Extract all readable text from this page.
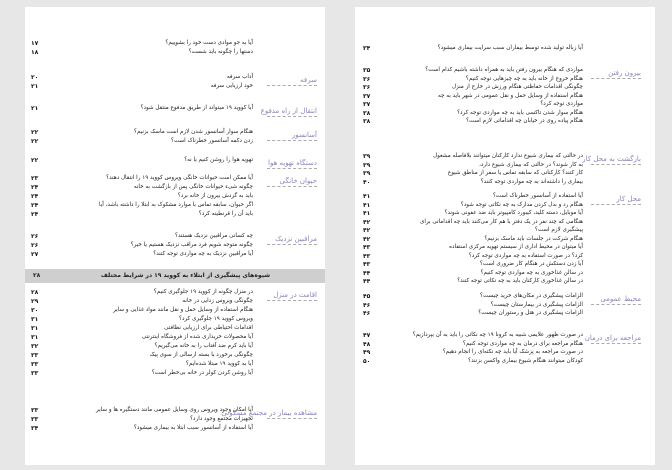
آیا به جو موادی دست خود را بشوییم؟
۱۷
دستها را چگونه باید شست؟
۱۸
سرفه
آداب سرفه
۲۰
خود ارزیابی سرفه
۲۱
انتقال از راه مدفوع
آیا کووید ۱۹ میتواند از طریق مدفوع منتقل شود؟
۲۱
آسانسور
هنگام سوار آسانسور شدن لازم است ماسک بزنیم؟
۲۲
زدن دکمه آسانسور خطرناک است؟
۲۲
دستگاه تهویه هوا
تهویه هوا را روشن کنیم یا نه؟
۲۲
حیوان خانگی
آیا ممکن است حیوانات خانگی ویروس کووید ۱۹ را انتقال دهند؟
۲۳
چگونه شیء حیوانات خانگی پس از بازگشت به خانه
۲۴
باید به گردش بیرون از خانه برد؟
۲۴
اگر حیوان، سابقه تماس با موارد مشکوک به ابتلا را داشته باشد، آیا
۲۴
باید آن را قرنطینه کرد؟
۲۴
مراقبین نزدیک
چه کسانی مراقبین نزدیک هستند؟
۲۶
چگونه متوجه شویم فرد مراقب نزدیک هستیم یا خیر؟
۲۶
آیا مراقبین نزدیک به چه مواردی توجه کنند؟
۲۷
اقامت در منزل
در منزل چگونه از کووید ۱۹ جلوگیری کنیم؟
۲۸
چگونگی ویروس زدایی در خانه
۲۹
هنگام استفاده از وسایل حمل و نقل مانند مواد غذایی و سایر
۳۰
ویروس کووید ۱۹ جلوگیری کرد؟
۳۱
اقدامات احتیاطی برای ارزیابی نظافتی
۳۱
آیا محصولات خریداری شده از فروشگاه اینترنتی
۳۱
آیا باید کرم ضد آفتاب را به خانه می‌گیریم؟
۳۲
چگونگی برخورد با بسته ارسالی از سوی پیک
۳۳
آیا به کووید ۱۹ مبتلا شده‌ایم؟
۳۳
آیا روشن کردن کولر در خانه بی‌خطر است؟
۳۳
مشاهده بیمار در مجتمع مسکونی
آیا امکان وجود ویروس روی وسایل عمومی مانند دستگیره ها و سایر
۳۳
تجهیزات مجتمع وجود دارد؟
۳۳
آیا استفاده از آسانسور سبب ابتلا به بیماری میشود؟
۳۴
شیوه‌های پیشگیری از ابتلاء به کووید ۱۹ در شرایط مختلف
۲۸
آیا زباله تولید شده توسط بیماران سبب سرایت بیماری میشود؟
۳۴
بیرون رفتن
مواردی که هنگام بیرون رفتن باید به همراه داشته باشیم کدام است؟
۳۵
هنگام خروج از خانه باید به چه چیزهایی توجه کنیم؟
۳۶
چگونگی اقدامات حفاظتی هنگام ورزش در خارج از منزل
۳۶
هنگام استفاده از وسایل حمل و نقل عمومی در شهر باید به چه
۳۷
مواردی توجه کرد؟
۳۷
هنگام سوار شدن تاکسی باید به چه مواردی توجه کرد؟
۳۸
هنگام پیاده روی در خیابان چه اقداماتی لازم است؟
۳۸
بازگشت به محل کار
در حالتی که بیماری شیوع ندارد کارکنان میتوانند بلافاصله مشغول
۳۹
به کار شوند؟ در حالتی که بیماری شیوع دارد،
۳۹
کار کنند؟ کارکنانی که سابقه تماس یا سفر از مناطق شیوع
۳۹
بیماری را داشته‌اند به چه مواردی توجه کنند؟
۴۰
محل کار
آیا استفاده از آسانسور خطرناک است؟
۴۱
هنگام رد و بدل کردن مدارک به چه نکاتی توجه شود؟
۴۱
آیا موبایل، دسته کلید، کیبورد کامپیوتر باید ضد عفونی شوند؟
۴۱
هنگامی که چند نفر در یک دفتر با هم کار می‌کنند باید چه اقداماتی برای
۴۲
پیشگیری لازم است؟
۴۲
هنگام شرکت در جلسات باید ماسک بزنیم؟
۴۲
آیا میتوان در محیط اداری از سیستم تهویه مرکزی استفاده
۴۳
کرد؟ در صورت استفاده به چه مواردی توجه کرد؟
۴۳
آیا زدن دستکش در هنگام کار ضروری است؟
۴۳
در سالن غذاخوری به چه مواردی توجه کنیم؟
۴۴
در سالن غذاخوری کارکنان باید به چه نکاتی توجه کنند؟
۴۴
محیط عمومی
الزامات پیشگیری در مکان‌های خرید چیست؟
۴۵
الزامات پیشگیری در بیمارستان چیست؟
۴۶
الزامات پیشگیری در هتل و رستوران چیست؟
۴۶
مراجعه برای درمان
در صورت ظهور علایمی شبیه به کرونا ۱۹ چه نکاتی را باید به آن بپردازیم؟
۴۷
هنگام مراجعه برای درمان به چه مواردی توجه کنیم؟
۴۸
در صورت مراجعه به پزشک آیا باید چه نکته‌ای را انجام دهیم؟
۴۹
کودکان میتوانند هنگام شیوع بیماری واکسن بزنند؟
۵۰
